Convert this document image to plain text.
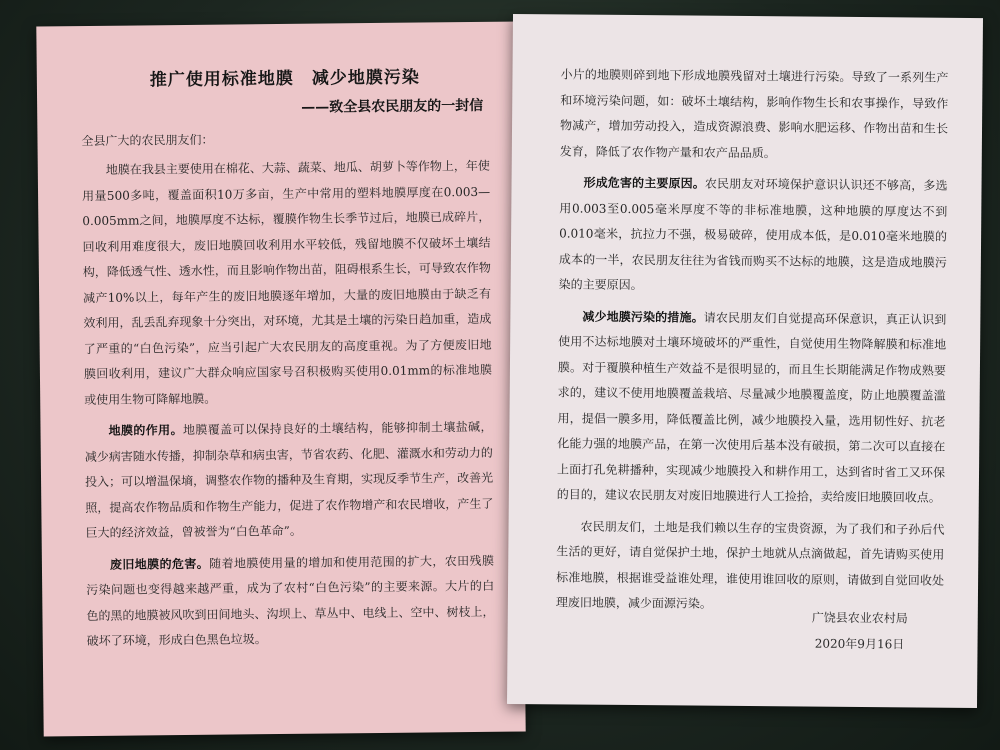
推广使用标准地膜　减少地膜污染
——致全县农民朋友的一封信
全县广大的农民朋友们：

地膜在我县主要使用在棉花、大蒜、蔬菜、地瓜、胡萝卜等作物上，年使用量500多吨，覆盖面积10万多亩，生产中常用的塑料地膜厚度在0.003—0.005mm之间，地膜厚度不达标，覆膜作物生长季节过后，地膜已成碎片，回收利用难度很大，废旧地膜回收利用水平较低，残留地膜不仅破坏土壤结构，降低透气性、透水性，而且影响作物出苗，阻碍根系生长，可导致农作物减产10%以上，每年产生的废旧地膜逐年增加，大量的废旧地膜由于缺乏有效利用，乱丢乱弃现象十分突出，对环境，尤其是土壤的污染日趋加重，造成了严重的“白色污染”，应当引起广大农民朋友的高度重视。为了方便废旧地膜回收利用，建议广大群众响应国家号召积极购买使用0.01mm的标准地膜或使用生物可降解地膜。

地膜的作用。地膜覆盖可以保持良好的土壤结构，能够抑制土壤盐碱，减少病害随水传播，抑制杂草和病虫害，节省农药、化肥、灌溉水和劳动力的投入；可以增温保墒，调整农作物的播种及生育期，实现反季节生产，改善光照，提高农作物品质和作物生产能力，促进了农作物增产和农民增收，产生了巨大的经济效益，曾被誉为“白色革命”。

废旧地膜的危害。随着地膜使用量的增加和使用范围的扩大，农田残膜污染问题也变得越来越严重，成为了农村“白色污染”的主要来源。大片的白色的黑的地膜被风吹到田间地头、沟坝上、草丛中、电线上、空中、树枝上，破坏了环境，形成白色黑色垃圾。

小片的地膜则碎到地下形成地膜残留对土壤进行污染。导致了一系列生产和环境污染问题，如：破坏土壤结构，影响作物生长和农事操作，导致作物减产，增加劳动投入，造成资源浪费、影响水肥运移、作物出苗和生长发育，降低了农作物产量和农产品品质。

形成危害的主要原因。农民朋友对环境保护意识认识还不够高，多选用0.003至0.005毫米厚度不等的非标准地膜，这种地膜的厚度达不到0.010毫米，抗拉力不强，极易破碎，使用成本低，是0.010毫米地膜的成本的一半，农民朋友往往为省钱而购买不达标的地膜，这是造成地膜污染的主要原因。

减少地膜污染的措施。请农民朋友们自觉提高环保意识，真正认识到使用不达标地膜对土壤环境破坏的严重性，自觉使用生物降解膜和标准地膜。对于覆膜种植生产效益不是很明显的，而且生长期能满足作物成熟要求的，建议不使用地膜覆盖栽培、尽量减少地膜覆盖度，防止地膜覆盖滥用，提倡一膜多用，降低覆盖比例，减少地膜投入量，选用韧性好、抗老化能力强的地膜产品，在第一次使用后基本没有破损，第二次可以直接在上面打孔免耕播种，实现减少地膜投入和耕作用工，达到省时省工又环保的目的，建议农民朋友对废旧地膜进行人工捡拾，卖给废旧地膜回收点。

农民朋友们，土地是我们赖以生存的宝贵资源，为了我们和子孙后代生活的更好，请自觉保护土地，保护土地就从点滴做起，首先请购买使用标准地膜，根据谁受益谁处理，谁使用谁回收的原则，请做到自觉回收处理废旧地膜，减少面源污染。

广饶县农业农村局
2020年9月16日
